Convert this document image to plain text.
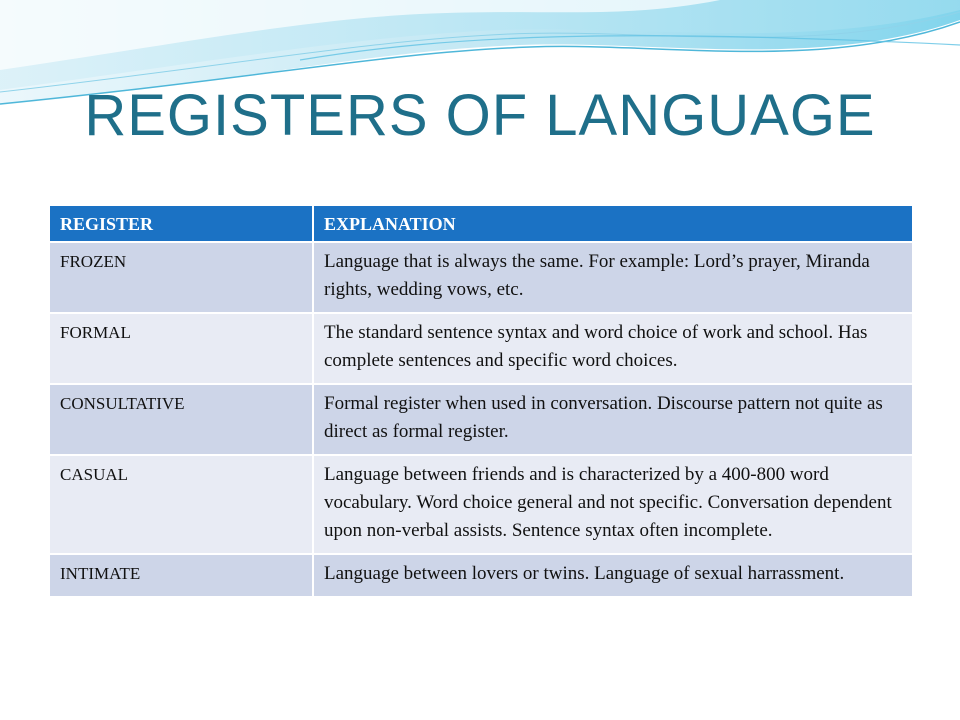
REGISTERS OF LANGUAGE
REGISTER	EXPLANATION
FROZEN	Language that is always the same. For example: Lord’s prayer, Miranda rights, wedding vows, etc.
FORMAL	The standard sentence syntax and word choice of work and school. Has complete sentences and specific word choices.
CONSULTATIVE	Formal register when used in conversation. Discourse pattern not quite as direct as formal register.
CASUAL	Language between friends and is characterized by a 400-800 word vocabulary. Word choice general and not specific. Conversation dependent upon non-verbal assists. Sentence syntax often incomplete.
INTIMATE	Language between lovers or twins. Language of sexual harrassment.
